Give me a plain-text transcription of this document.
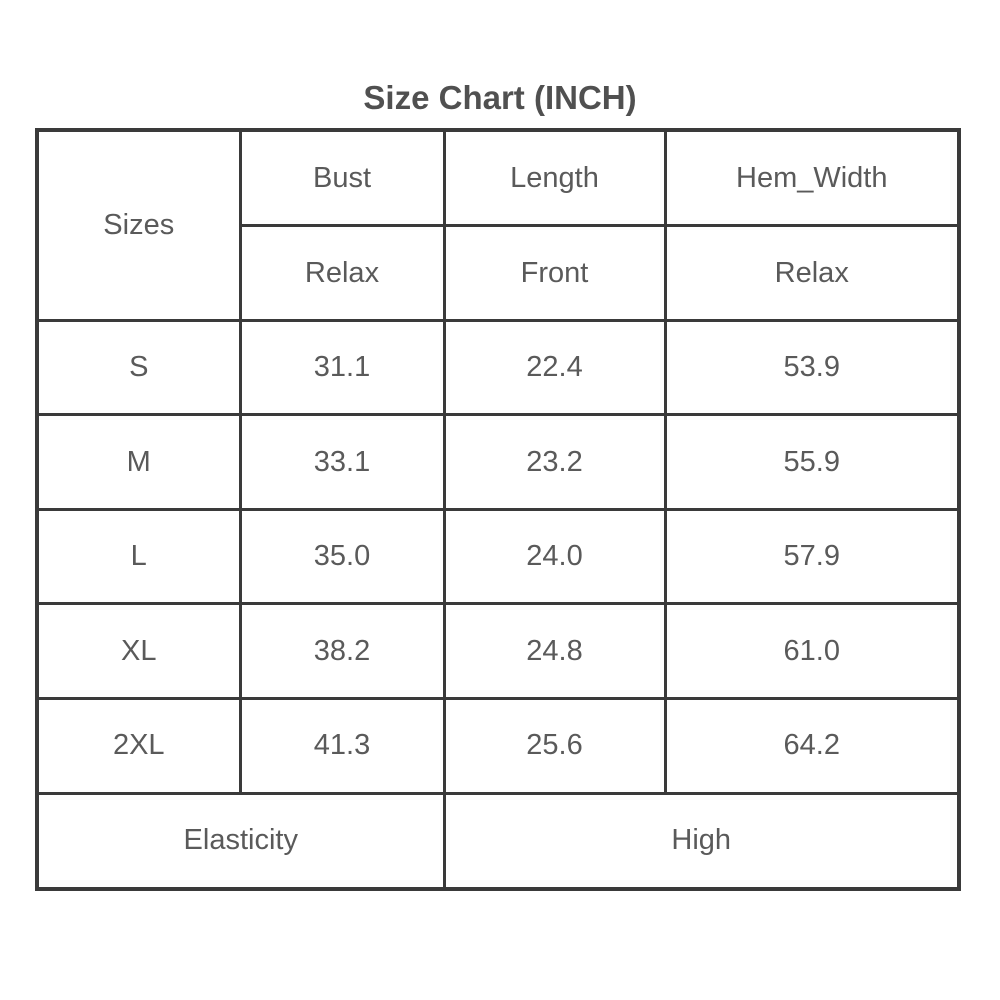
Size Chart (INCH)
Sizes	Bust	Length	Hem_Width
	Relax	Front	Relax
S	31.1	22.4	53.9
M	33.1	23.2	55.9
L	35.0	24.0	57.9
XL	38.2	24.8	61.0
2XL	41.3	25.6	64.2
Elasticity		High	
